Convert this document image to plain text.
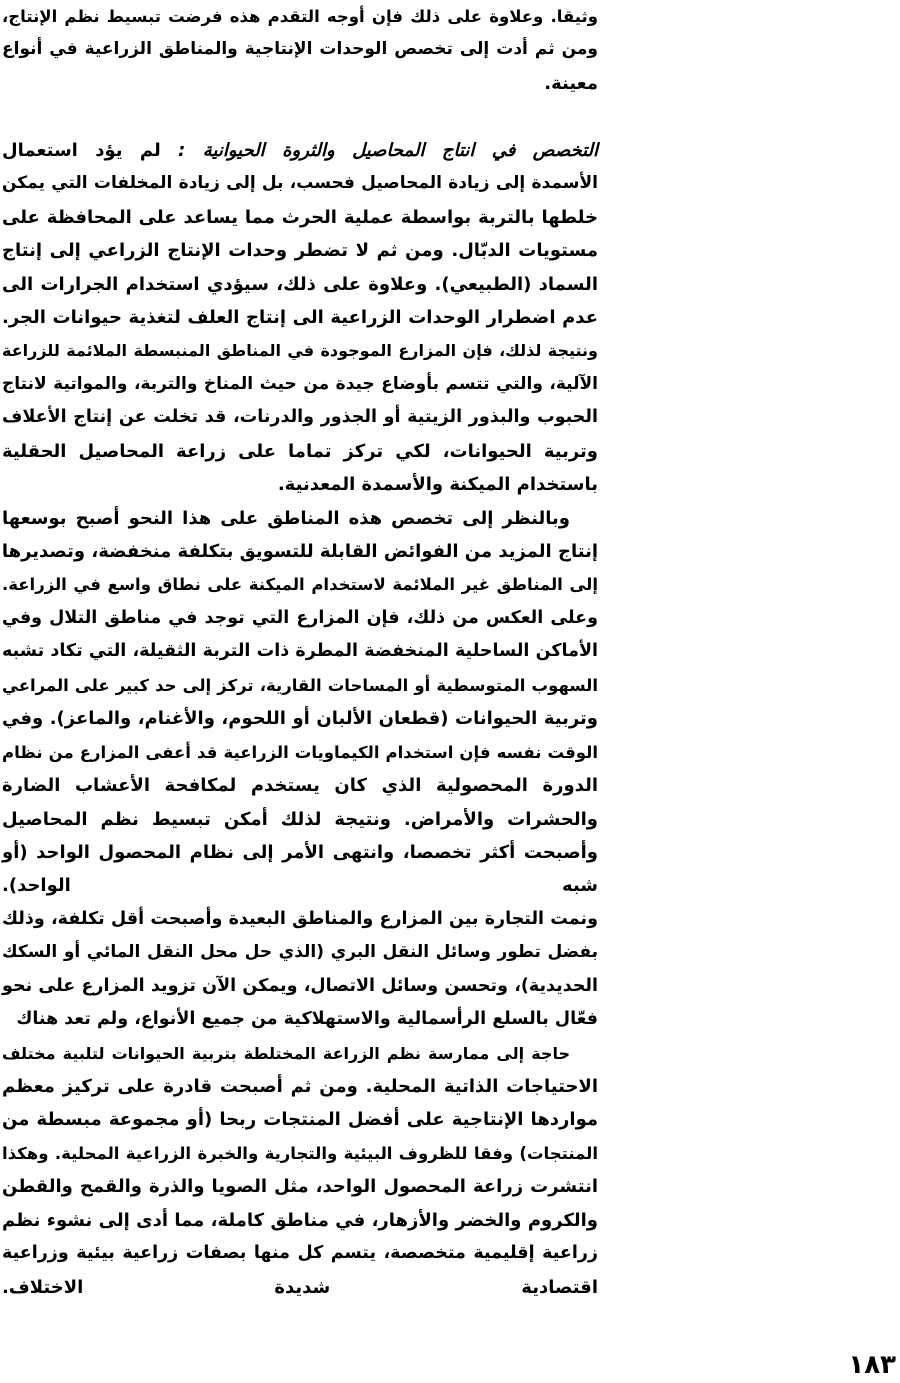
وثيقا. وعلاوة على ذلك فإن أوجه التقدم هذه فرضت تبسيط نظم الإنتاج،
ومن ثم أدت إلى تخصص الوحدات الإنتاجية والمناطق الزراعية في أنواع
معينة.
التخصص في انتاج المحاصيل والثروة الحيوانية : لم يؤد استعمال
الأسمدة إلى زيادة المحاصيل فحسب، بل إلى زيادة المخلفات التي يمكن
خلطها بالتربة بواسطة عملية الحرث مما يساعد على المحافظة على
مستويات الدبّال. ومن ثم لا تضطر وحدات الإنتاج الزراعي إلى إنتاج
السماد (الطبيعي). وعلاوة على ذلك، سيؤدي استخدام الجرارات الى
عدم اضطرار الوحدات الزراعية الى إنتاج العلف لتغذية حيوانات الجر.
ونتيجة لذلك، فإن المزارع الموجودة في المناطق المنبسطة الملائمة للزراعة
الآلية، والتي تتسم بأوضاع جيدة من حيث المناخ والتربة، والمواتية لانتاج
الحبوب والبذور الزيتية أو الجذور والدرنات، قد تخلت عن إنتاج الأعلاف
وتربية الحيوانات، لكي تركز تماما على زراعة المحاصيل الحقلية
باستخدام الميكنة والأسمدة المعدنية.
وبالنظر إلى تخصص هذه المناطق على هذا النحو أصبح بوسعها
إنتاج المزيد من الفوائض القابلة للتسويق بتكلفة منخفضة، وتصديرها
إلى المناطق غير الملائمة لاستخدام الميكنة على نطاق واسع في الزراعة.
وعلى العكس من ذلك، فإن المزارع التي توجد في مناطق التلال وفي
الأماكن الساحلية المنخفضة المطرة ذات التربة الثقيلة، التي تكاد تشبه
السهوب المتوسطية أو المساحات القارية، تركز إلى حد كبير على المراعي
وتربية الحيوانات (قطعان الألبان أو اللحوم، والأغنام، والماعز). وفي
الوقت نفسه فإن استخدام الكيماويات الزراعية قد أعفى المزارع من نظام
الدورة المحصولية الذي كان يستخدم لمكافحة الأعشاب الضارة
والحشرات والأمراض. ونتيجة لذلك أمكن تبسيط نظم المحاصيل
وأصبحت أكثر تخصصا، وانتهى الأمر إلى نظام المحصول الواحد (أو
شبه الواحد).
ونمت التجارة بين المزارع والمناطق البعيدة وأصبحت أقل تكلفة، وذلك
بفضل تطور وسائل النقل البري (الذي حل محل النقل المائي أو السكك
الحديدية)، وتحسن وسائل الاتصال، ويمكن الآن تزويد المزارع على نحو
فعّال بالسلع الرأسمالية والاستهلاكية من جميع الأنواع، ولم تعد هناك
حاجة إلى ممارسة نظم الزراعة المختلطة بتربية الحيوانات لتلبية مختلف
الاحتياجات الذاتية المحلية. ومن ثم أصبحت قادرة على تركيز معظم
مواردها الإنتاجية على أفضل المنتجات ربحا (أو مجموعة مبسطة من
المنتجات) وفقا للظروف البيئية والتجارية والخبرة الزراعية المحلية. وهكذا
انتشرت زراعة المحصول الواحد، مثل الصويا والذرة والقمح والقطن
والكروم والخضر والأزهار، في مناطق كاملة، مما أدى إلى نشوء نظم
زراعية إقليمية متخصصة، يتسم كل منها بصفات زراعية بيئية وزراعية
اقتصادية شديدة الاختلاف.
١٨٣
